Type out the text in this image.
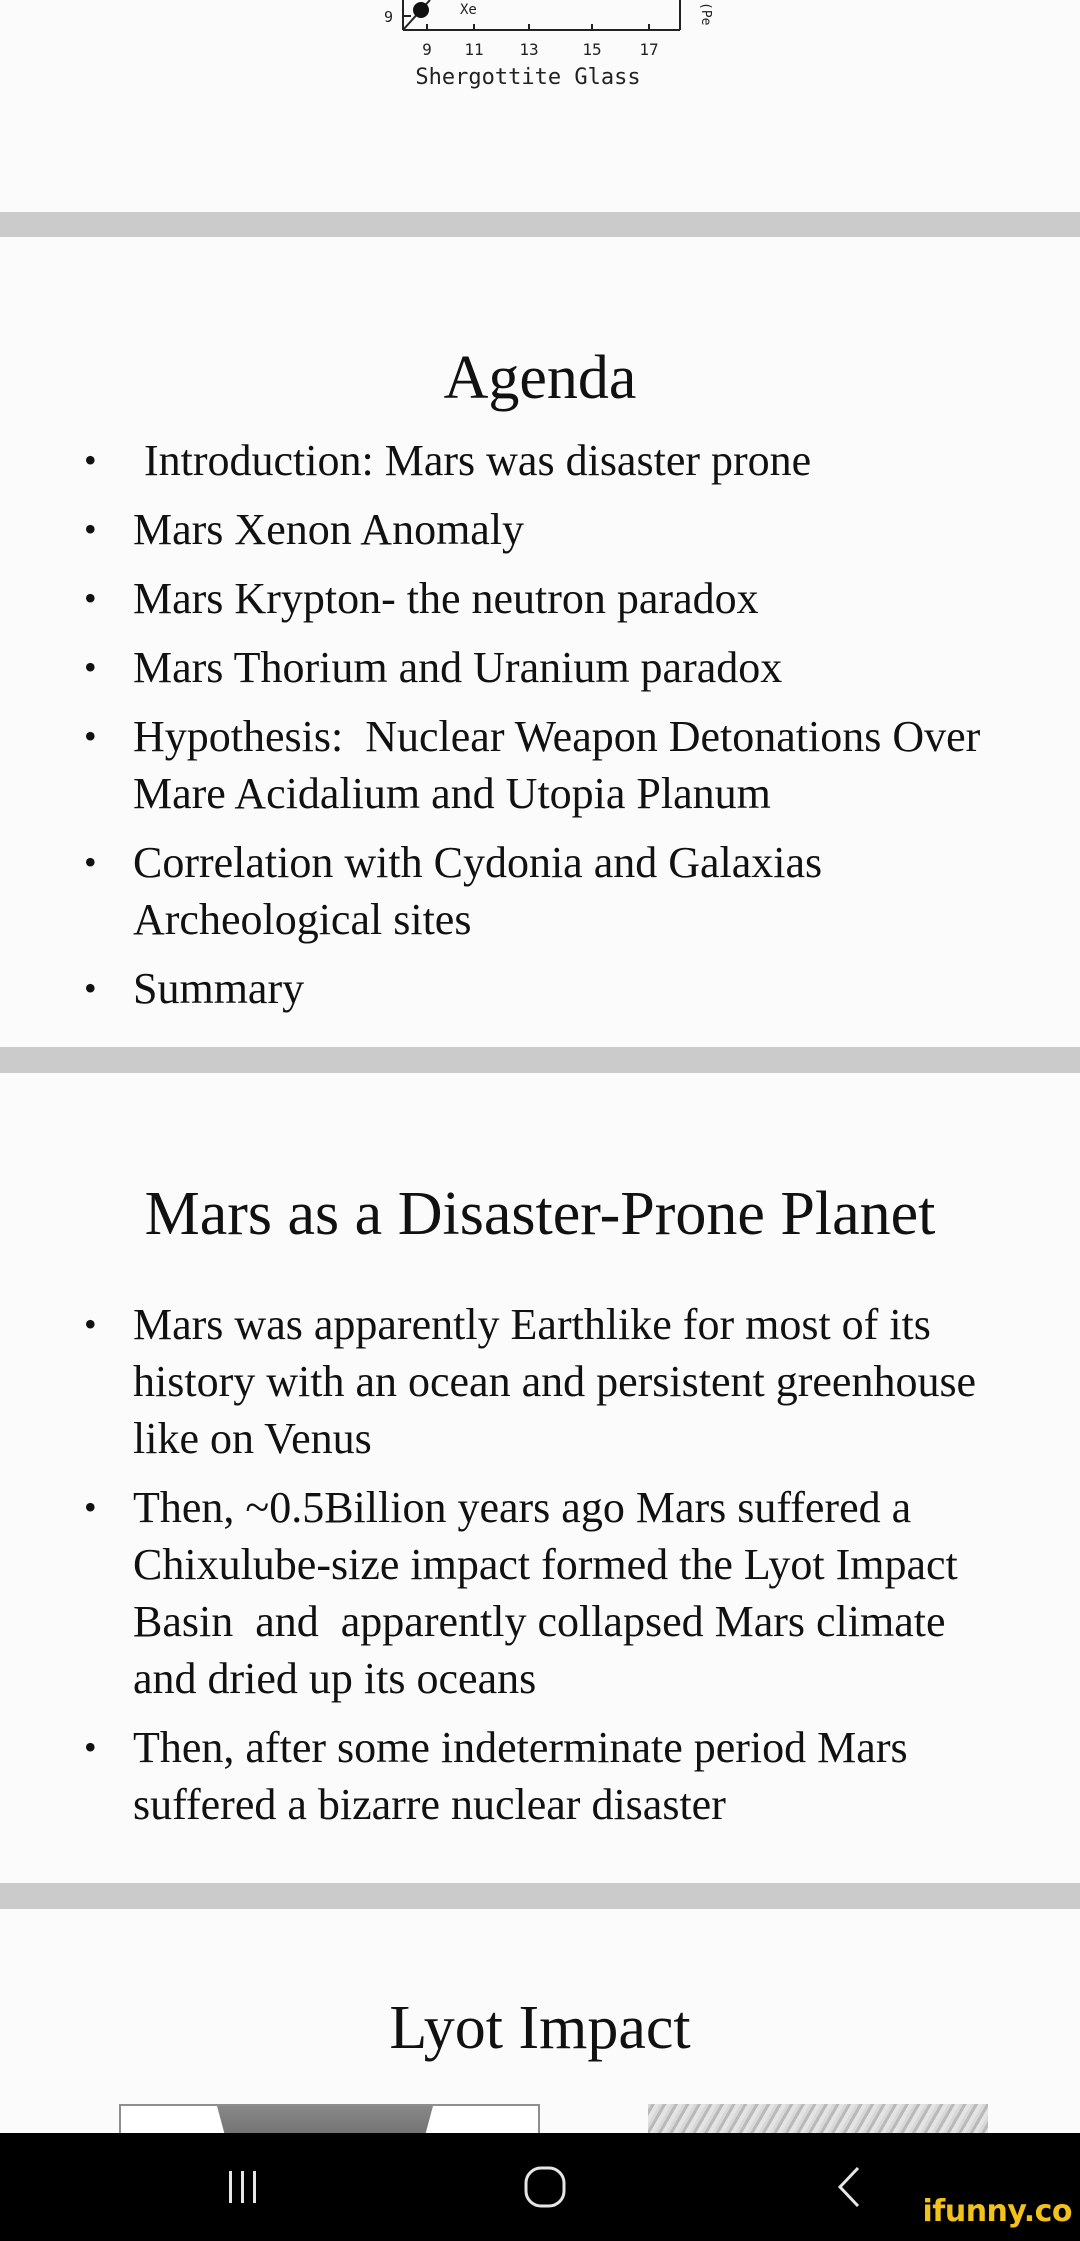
9	Xe
9 11 13	15 17
Shergottite Glass
(Pe
Agenda
• Introduction: Mars was disaster prone
• Mars Xenon Anomaly
• Mars Krypton- the neutron paradox
• Mars Thorium and Uranium paradox
• Hypothesis:  Nuclear Weapon Detonations Over Mare Acidalium and Utopia Planum
• Correlation with Cydonia and Galaxias Archeological sites
• Summary
Mars as a Disaster-Prone Planet
• Mars was apparently Earthlike for most of its history with an ocean and persistent greenhouse like on Venus
• Then, ~0.5Billion years ago Mars suffered a Chixulube-size impact formed the Lyot Impact Basin  and  apparently collapsed Mars climate and dried up its oceans
• Then, after some indeterminate period Mars suffered a bizarre nuclear disaster
Lyot Impact
ifunny.co
